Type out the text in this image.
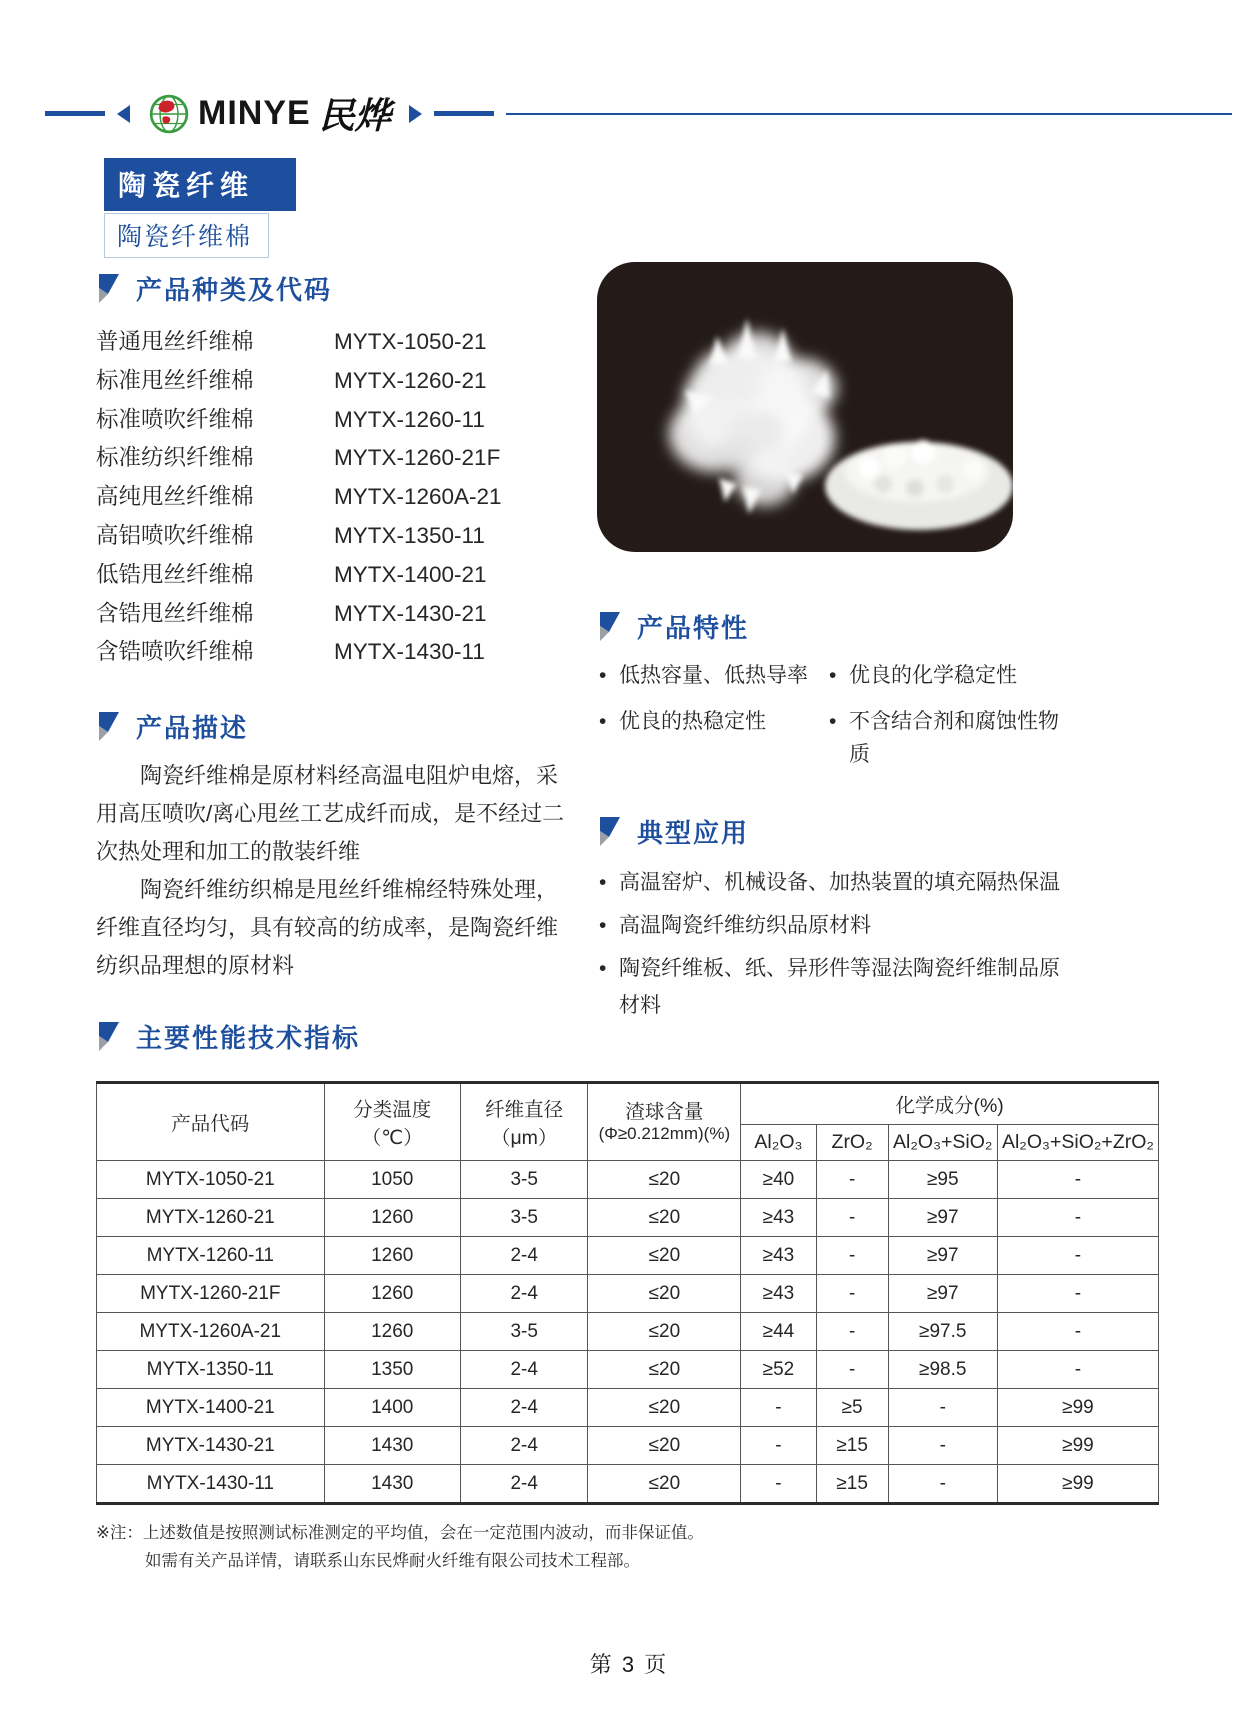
MINYE 民烨
陶瓷纤维
陶瓷纤维棉
产品种类及代码
普通甩丝纤维棉	MYTX-1050-21
标准甩丝纤维棉	MYTX-1260-21
标准喷吹纤维棉	MYTX-1260-11
标准纺织纤维棉	MYTX-1260-21F
高纯甩丝纤维棉	MYTX-1260A-21
高铝喷吹纤维棉	MYTX-1350-11
低锆甩丝纤维棉	MYTX-1400-21
含锆甩丝纤维棉	MYTX-1430-21
含锆喷吹纤维棉	MYTX-1430-11
产品描述

陶瓷纤维棉是原材料经高温电阻炉电熔，采用高压喷吹/离心甩丝工艺成纤而成，是不经过二次热处理和加工的散装纤维

陶瓷纤维纺织棉是甩丝纤维棉经特殊处理，纤维直径均匀，具有较高的纺成率，是陶瓷纤维纺织品理想的原材料

产品特性
• 低热容量、低热导率
• 优良的热稳定性
• 优良的化学稳定性
• 不含结合剂和腐蚀性物质
典型应用
• 高温窑炉、机械设备、加热装置的填充隔热保温
• 高温陶瓷纤维纺织品原材料
• 陶瓷纤维板、纸、异形件等湿法陶瓷纤维制品原材料
主要性能技术指标
产品代码	分类温度（℃）	纤维直径（μm）	渣球含量
(Φ≥0.212mm)(%)	化学成分(%)			
				Al₂O₃	ZrO₂	Al₂O₃+SiO₂	Al₂O₃+SiO₂+ZrO₂
MYTX-1050-21	1050	3-5	≤20	≥40	-	≥95	-
MYTX-1260-21	1260	3-5	≤20	≥43	-	≥97	-
MYTX-1260-11	1260	2-4	≤20	≥43	-	≥97	-
MYTX-1260-21F	1260	2-4	≤20	≥43	-	≥97	-
MYTX-1260A-21	1260	3-5	≤20	≥44	-	≥97.5	-
MYTX-1350-11	1350	2-4	≤20	≥52	-	≥98.5	-
MYTX-1400-21	1400	2-4	≤20	-	≥5	-	≥99
MYTX-1430-21	1430	2-4	≤20	-	≥15	-	≥99
MYTX-1430-11	1430	2-4	≤20	-	≥15	-	≥99
※注：上述数值是按照测试标准测定的平均值，会在一定范围内波动，而非保证值。
如需有关产品详情，请联系山东民烨耐火纤维有限公司技术工程部。
第 3 页
